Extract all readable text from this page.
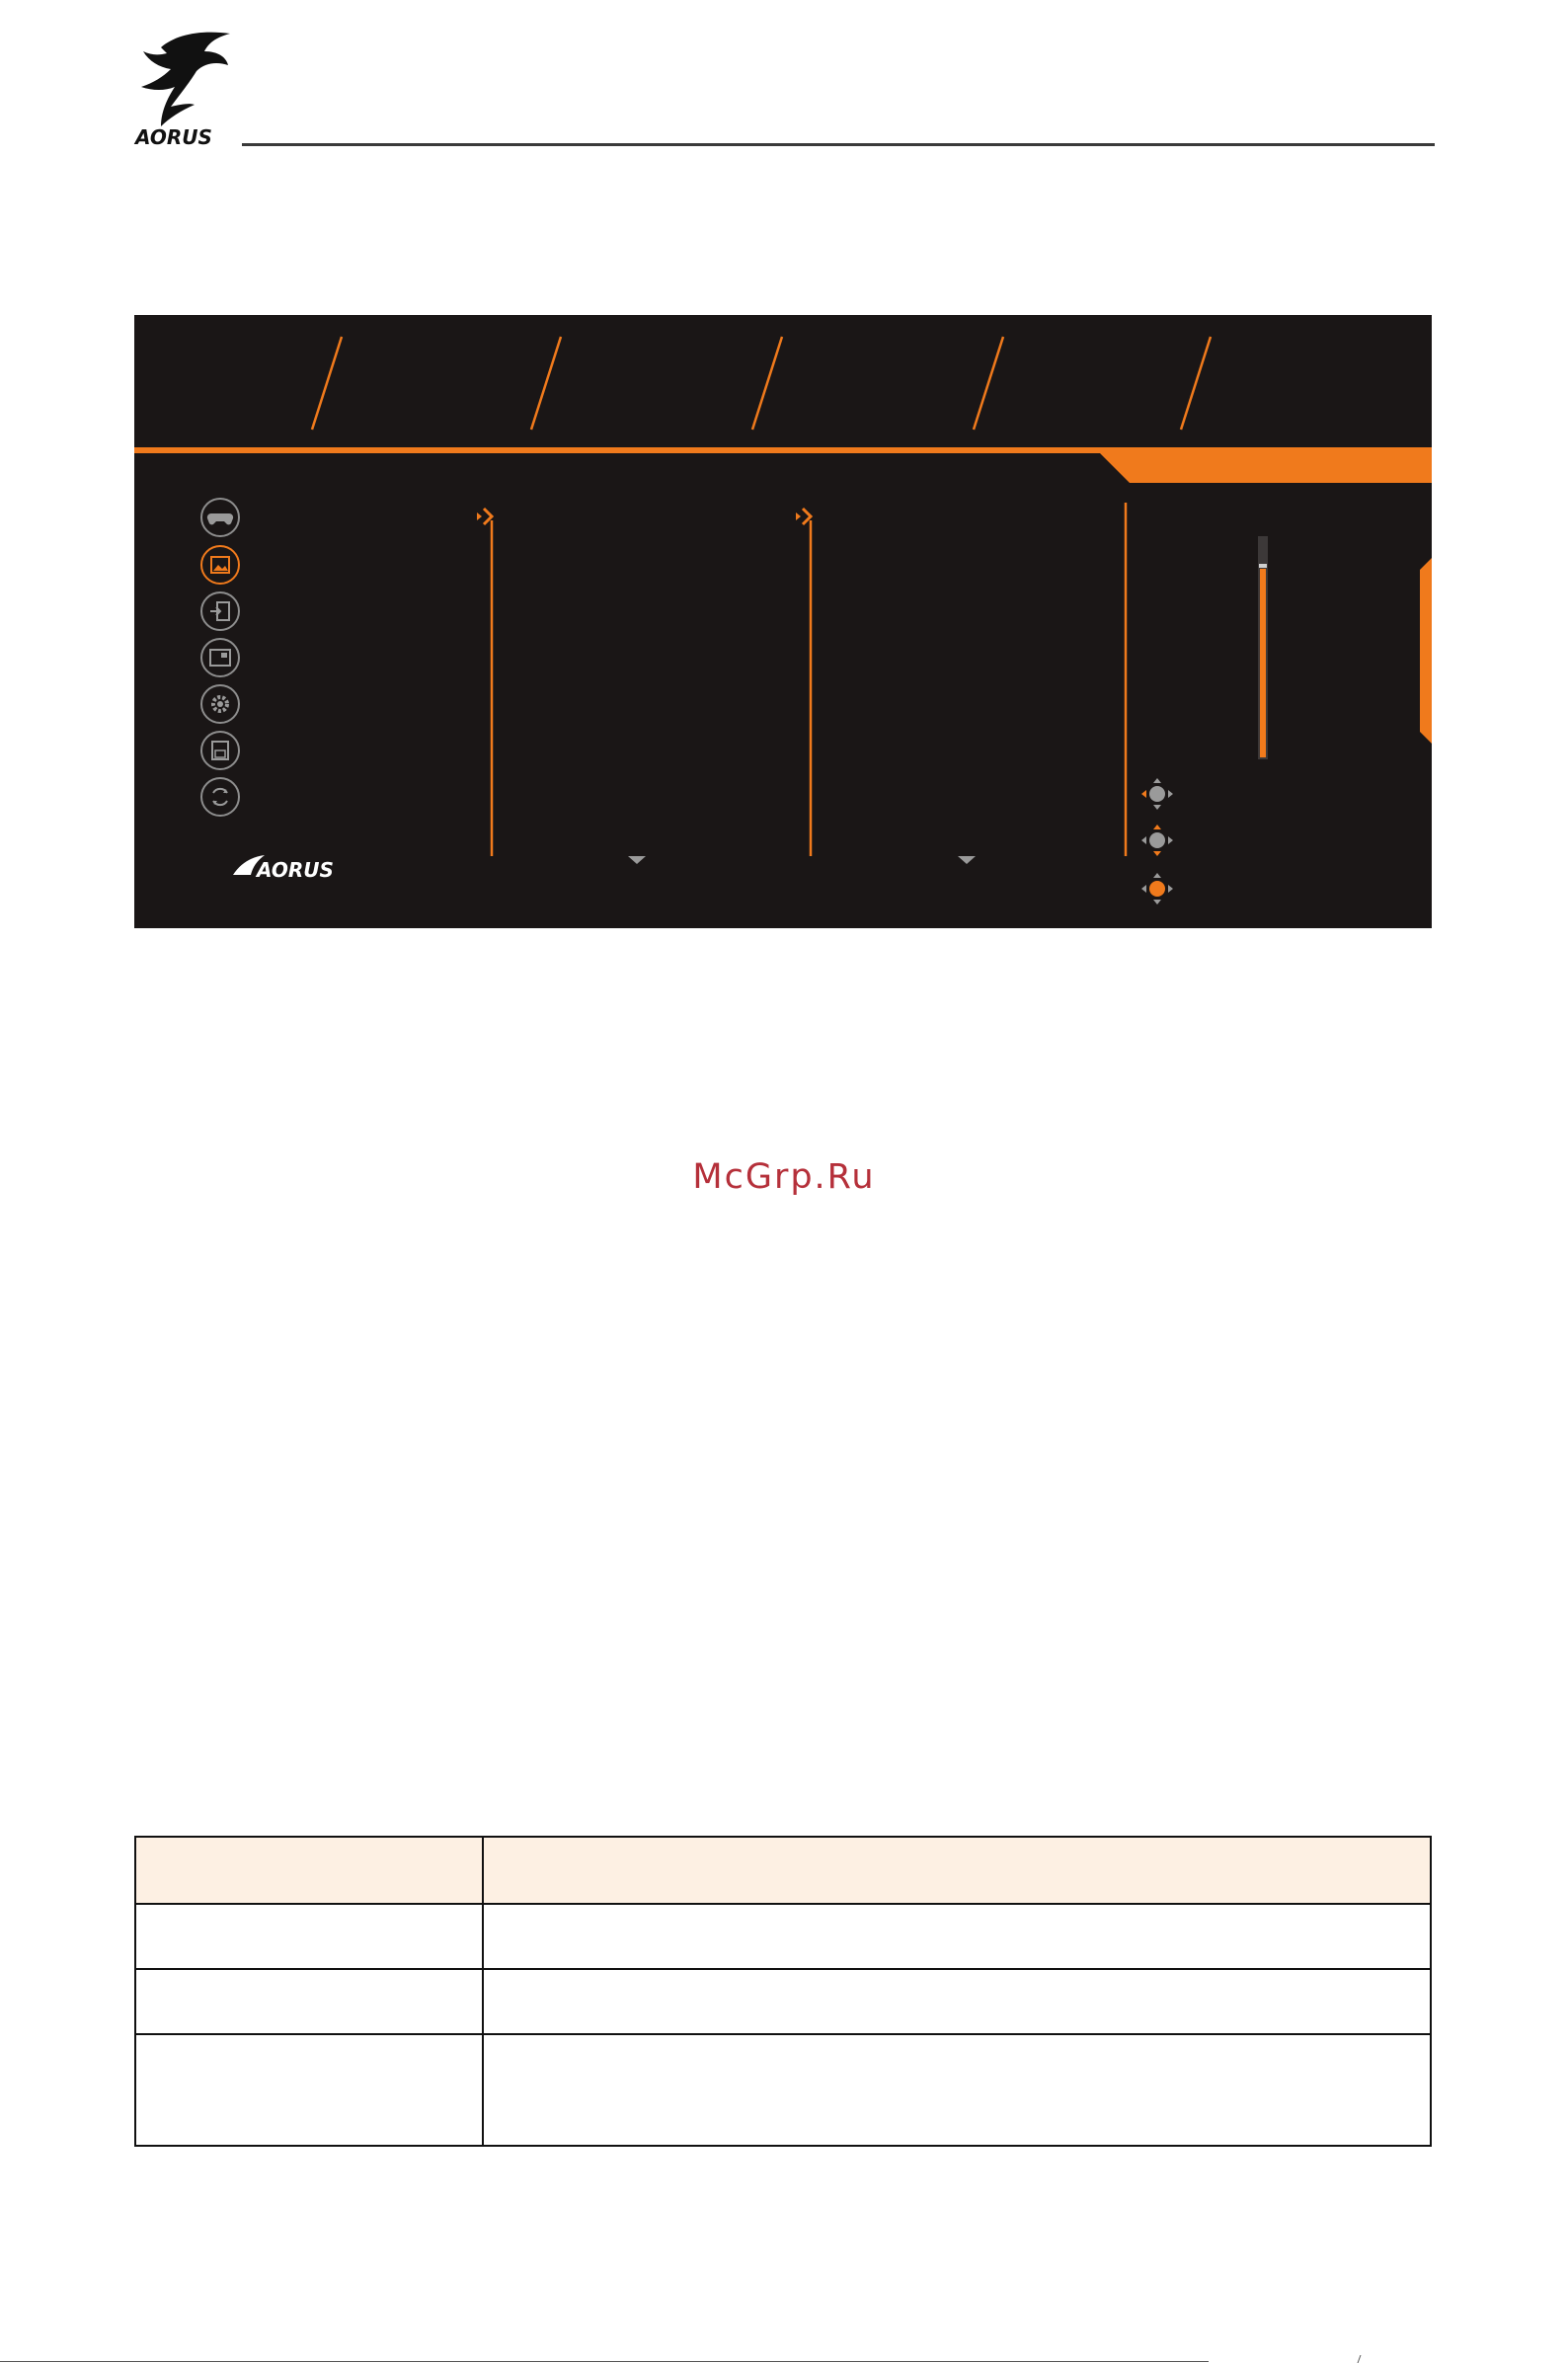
AORUS
AORUS
McGrp.Ru
